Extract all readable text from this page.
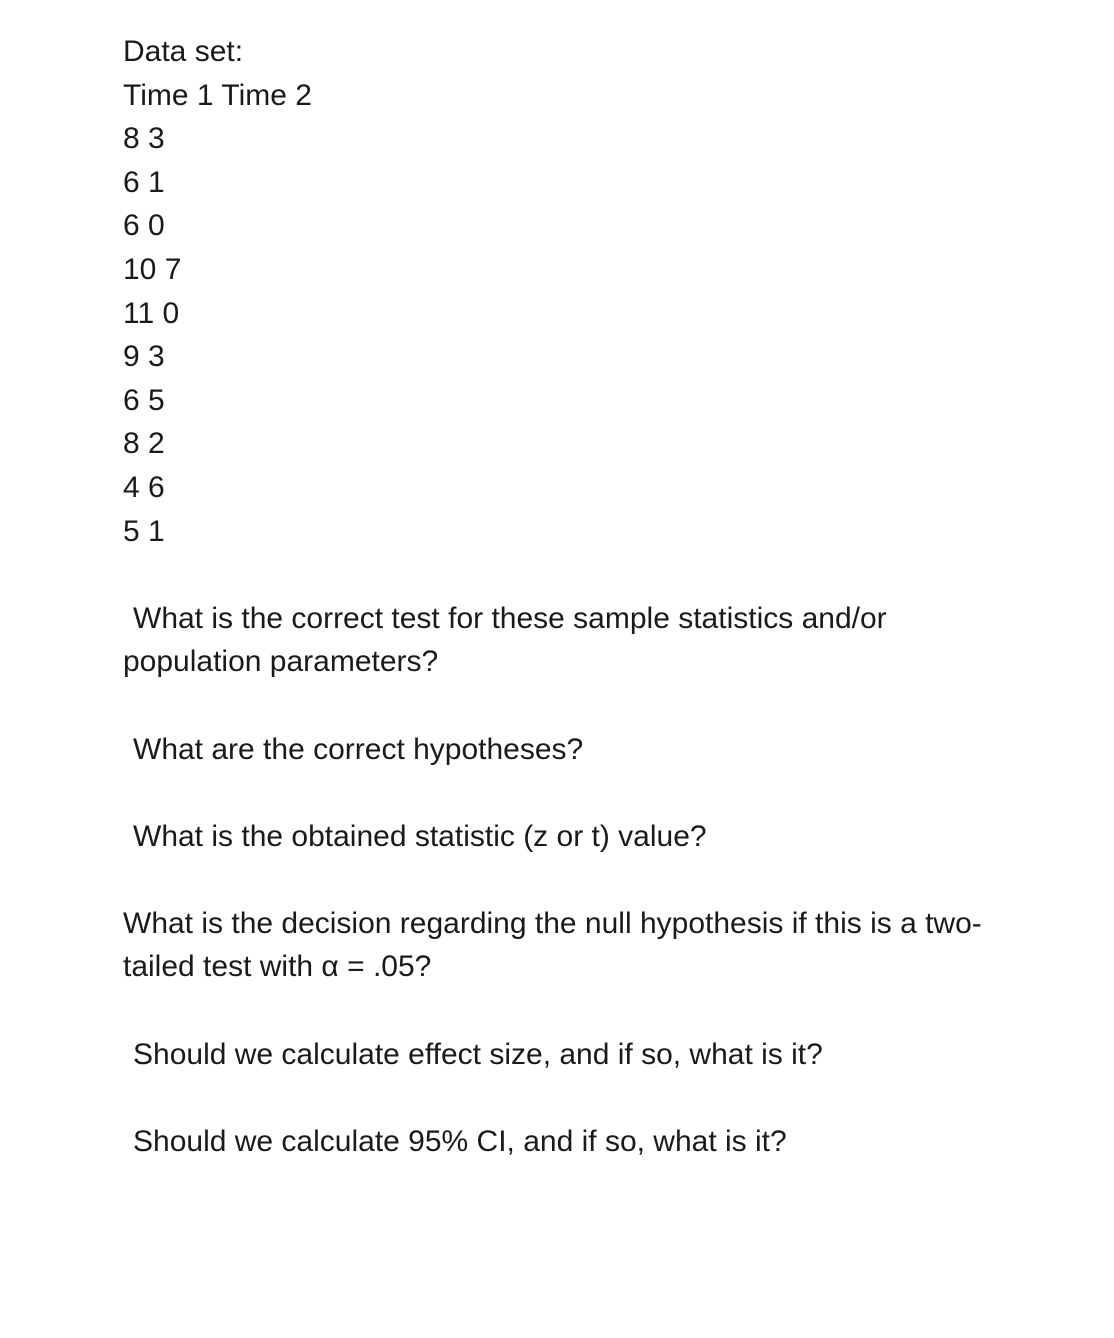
Data set:
Time 1 Time 2
8 3
6 1
6 0
10 7
11 0
9 3
6 5
8 2
4 6
5 1
What is the correct test for these sample statistics and/or population parameters?
What are the correct hypotheses?
What is the obtained statistic (z or t) value?
What is the decision regarding the null hypothesis if this is a two-tailed test with α = .05?
Should we calculate effect size, and if so, what is it?
Should we calculate 95% CI, and if so, what is it?
